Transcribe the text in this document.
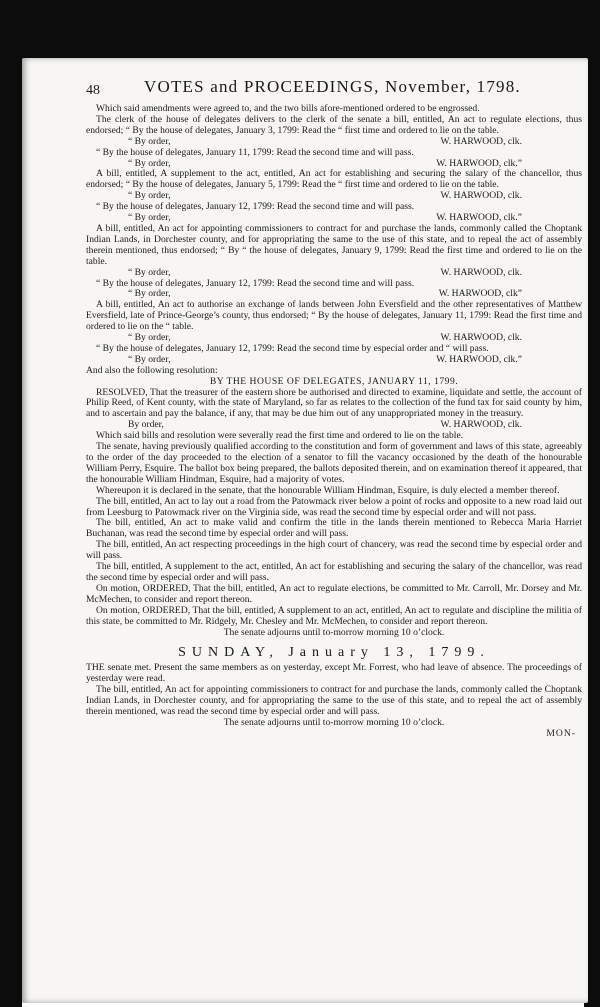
48	VOTES and PROCEEDINGS, November, 1798.

Which said amendments were agreed to, and the two bills afore-mentioned ordered to be engrossed.

The clerk of the house of delegates delivers to the clerk of the senate a bill, entitled, An act to regulate elections, thus endorsed; “ By the house of delegates, January 3, 1799: Read the “ first time and ordered to lie on the table.

“ By order,	W. HARWOOD, clk.

“ By the house of delegates, January 11, 1799: Read the second time and will pass.

“ By order,	W. HARWOOD, clk.”

A bill, entitled, A supplement to the act, entitled, An act for establishing and securing the salary of the chancellor, thus endorsed; “ By the house of delegates, January 5, 1799: Read the “ first time and ordered to lie on the table.

“ By order,	W. HARWOOD, clk.

“ By the house of delegates, January 12, 1799: Read the second time and will pass.

“ By order,	W. HARWOOD, clk.”

A bill, entitled, An act for appointing commissioners to contract for and purchase the lands, commonly called the Choptank Indian Lands, in Dorchester county, and for appropriating the same to the use of this state, and to repeal the act of assembly therein mentioned, thus endorsed; “ By “ the house of delegates, January 9, 1799: Read the first time and ordered to lie on the table.

“ By order,	W. HARWOOD, clk.

“ By the house of delegates, January 12, 1799: Read the second time and will pass.

“ By order,	W. HARWOOD, clk”

A bill, entitled, An act to authorise an exchange of lands between John Eversfield and the other representatives of Matthew Eversfield, late of Prince-George’s county, thus endorsed; “ By the house of delegates, January 11, 1799: Read the first time and ordered to lie on the “ table.

“ By order,	W. HARWOOD, clk.

“ By the house of delegates, January 12, 1799: Read the second time by especial order and “ will pass.

“ By order,	W. HARWOOD, clk.”

And also the following resolution:

BY THE HOUSE OF DELEGATES, JANUARY 11, 1799.

RESOLVED, That the treasurer of the eastern shore be authorised and directed to examine, liquidate and settle, the account of Philip Reed, of Kent county, with the state of Maryland, so far as relates to the collection of the fund tax for said county by him, and to ascertain and pay the balance, if any, that may be due him out of any unappropriated money in the treasury.

By order,	W. HARWOOD, clk.

Which said bills and resolution were severally read the first time and ordered to lie on the table.

The senate, having previously qualified according to the constitution and form of government and laws of this state, agreeably to the order of the day proceeded to the election of a senator to fill the vacancy occasioned by the death of the honourable William Perry, Esquire. The ballot box being prepared, the ballots deposited therein, and on examination thereof it appeared, that the honourable William Hindman, Esquire, had a majority of votes.

Whereupon it is declared in the senate, that the honourable William Hindman, Esquire, is duly elected a member thereof.

The bill, entitled, An act to lay out a road from the Patowmack river below a point of rocks and opposite to a new road laid out from Leesburg to Patowmack river on the Virginia side, was read the second time by especial order and will not pass.

The bill, entitled, An act to make valid and confirm the title in the lands therein mentioned to Rebecca Maria Harriet Buchanan, was read the second time by especial order and will pass.

The bill, entitled, An act respecting proceedings in the high court of chancery, was read the second time by especial order and will pass.

The bill, entitled, A supplement to the act, entitled, An act for establishing and securing the salary of the chancellor, was read the second time by especial order and will pass.

On motion, ORDERED, That the bill, entitled, An act to regulate elections, be committed to Mr. Carroll, Mr. Dorsey and Mr. McMechen, to consider and report thereon.

On motion, ORDERED, That the bill, entitled, A supplement to an act, entitled, An act to regulate and discipline the militia of this state, be committed to Mr. Ridgely, Mr. Chesley and Mr. McMechen, to consider and report thereon.

The senate adjourns until to-morrow morning 10 o’clock.

SUNDAY, January 13, 1799.

THE senate met. Present the same members as on yesterday, except Mr. Forrest, who had leave of absence. The proceedings of yesterday were read.

The bill, entitled, An act for appointing commissioners to contract for and purchase the lands, commonly called the Choptank Indian Lands, in Dorchester county, and for appropriating the same to the use of this state, and to repeal the act of assembly therein mentioned, was read the second time by especial order and will pass.

The senate adjourns until to-morrow morning 10 o’clock.

MON-
